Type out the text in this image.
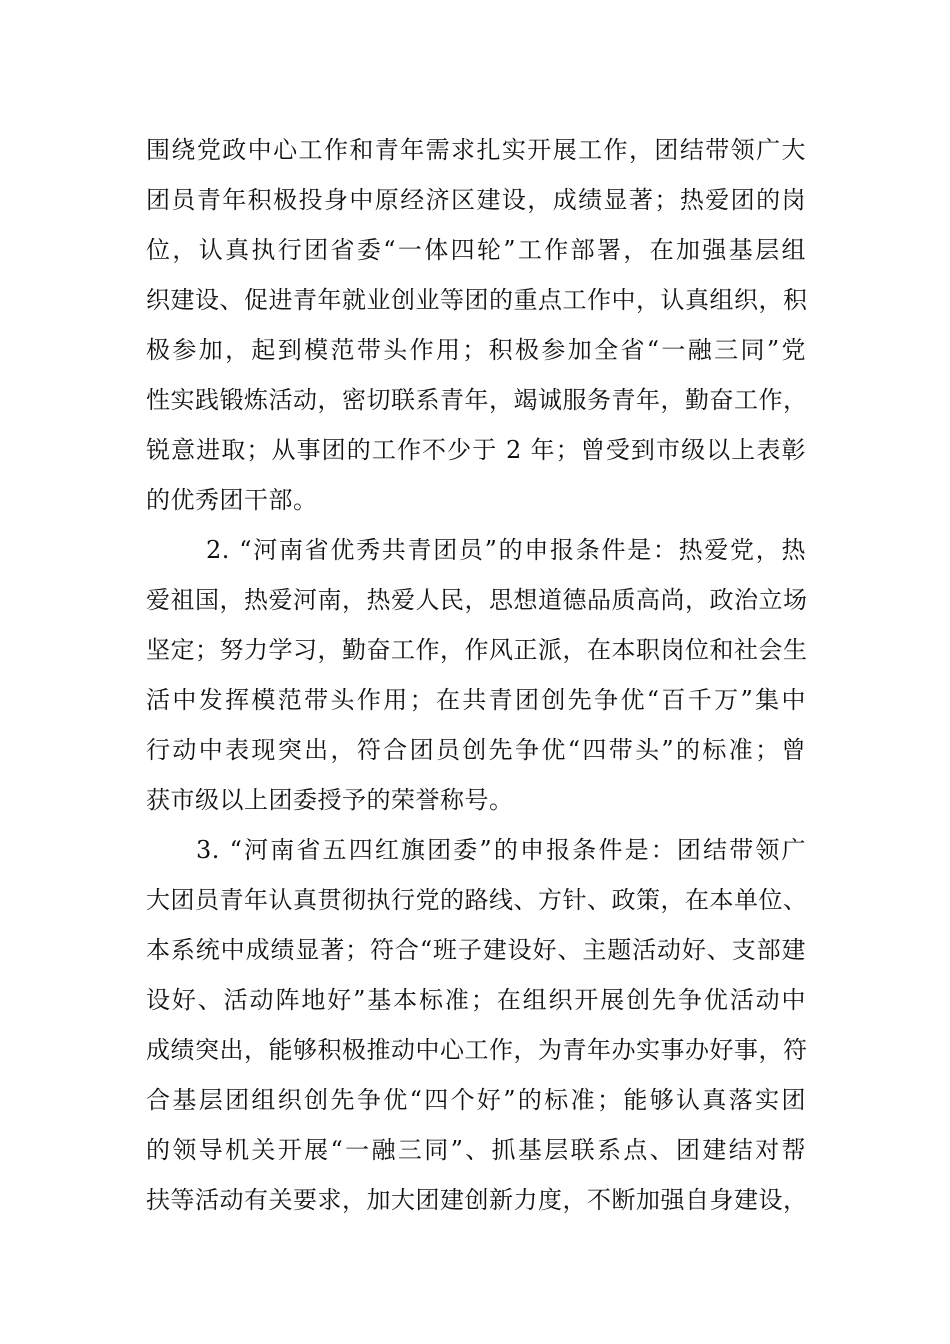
围绕党政中心工作和青年需求扎实开展工作，团结带领广大
团员青年积极投身中原经济区建设，成绩显著；热爱团的岗
位，认真执行团省委“一体四轮”工作部署，在加强基层组
织建设、促进青年就业创业等团的重点工作中，认真组织，积
极参加，起到模范带头作用；积极参加全省“一融三同”党
性实践锻炼活动，密切联系青年，竭诚服务青年，勤奋工作，
锐意进取；从事团的工作不少于 2 年；曾受到市级以上表彰
的优秀团干部。
2. “河南省优秀共青团员”的申报条件是：热爱党，热
爱祖国，热爱河南，热爱人民，思想道德品质高尚，政治立场
坚定；努力学习，勤奋工作，作风正派，在本职岗位和社会生
活中发挥模范带头作用；在共青团创先争优“百千万”集中
行动中表现突出，符合团员创先争优“四带头”的标准；曾
获市级以上团委授予的荣誉称号。
3. “河南省五四红旗团委”的申报条件是：团结带领广
大团员青年认真贯彻执行党的路线、方针、政策，在本单位、
本系统中成绩显著；符合“班子建设好、主题活动好、支部建
设好、活动阵地好”基本标准；在组织开展创先争优活动中
成绩突出，能够积极推动中心工作，为青年办实事办好事，符
合基层团组织创先争优“四个好”的标准；能够认真落实团
的领导机关开展“一融三同”、抓基层联系点、团建结对帮
扶等活动有关要求，加大团建创新力度，不断加强自身建设，
